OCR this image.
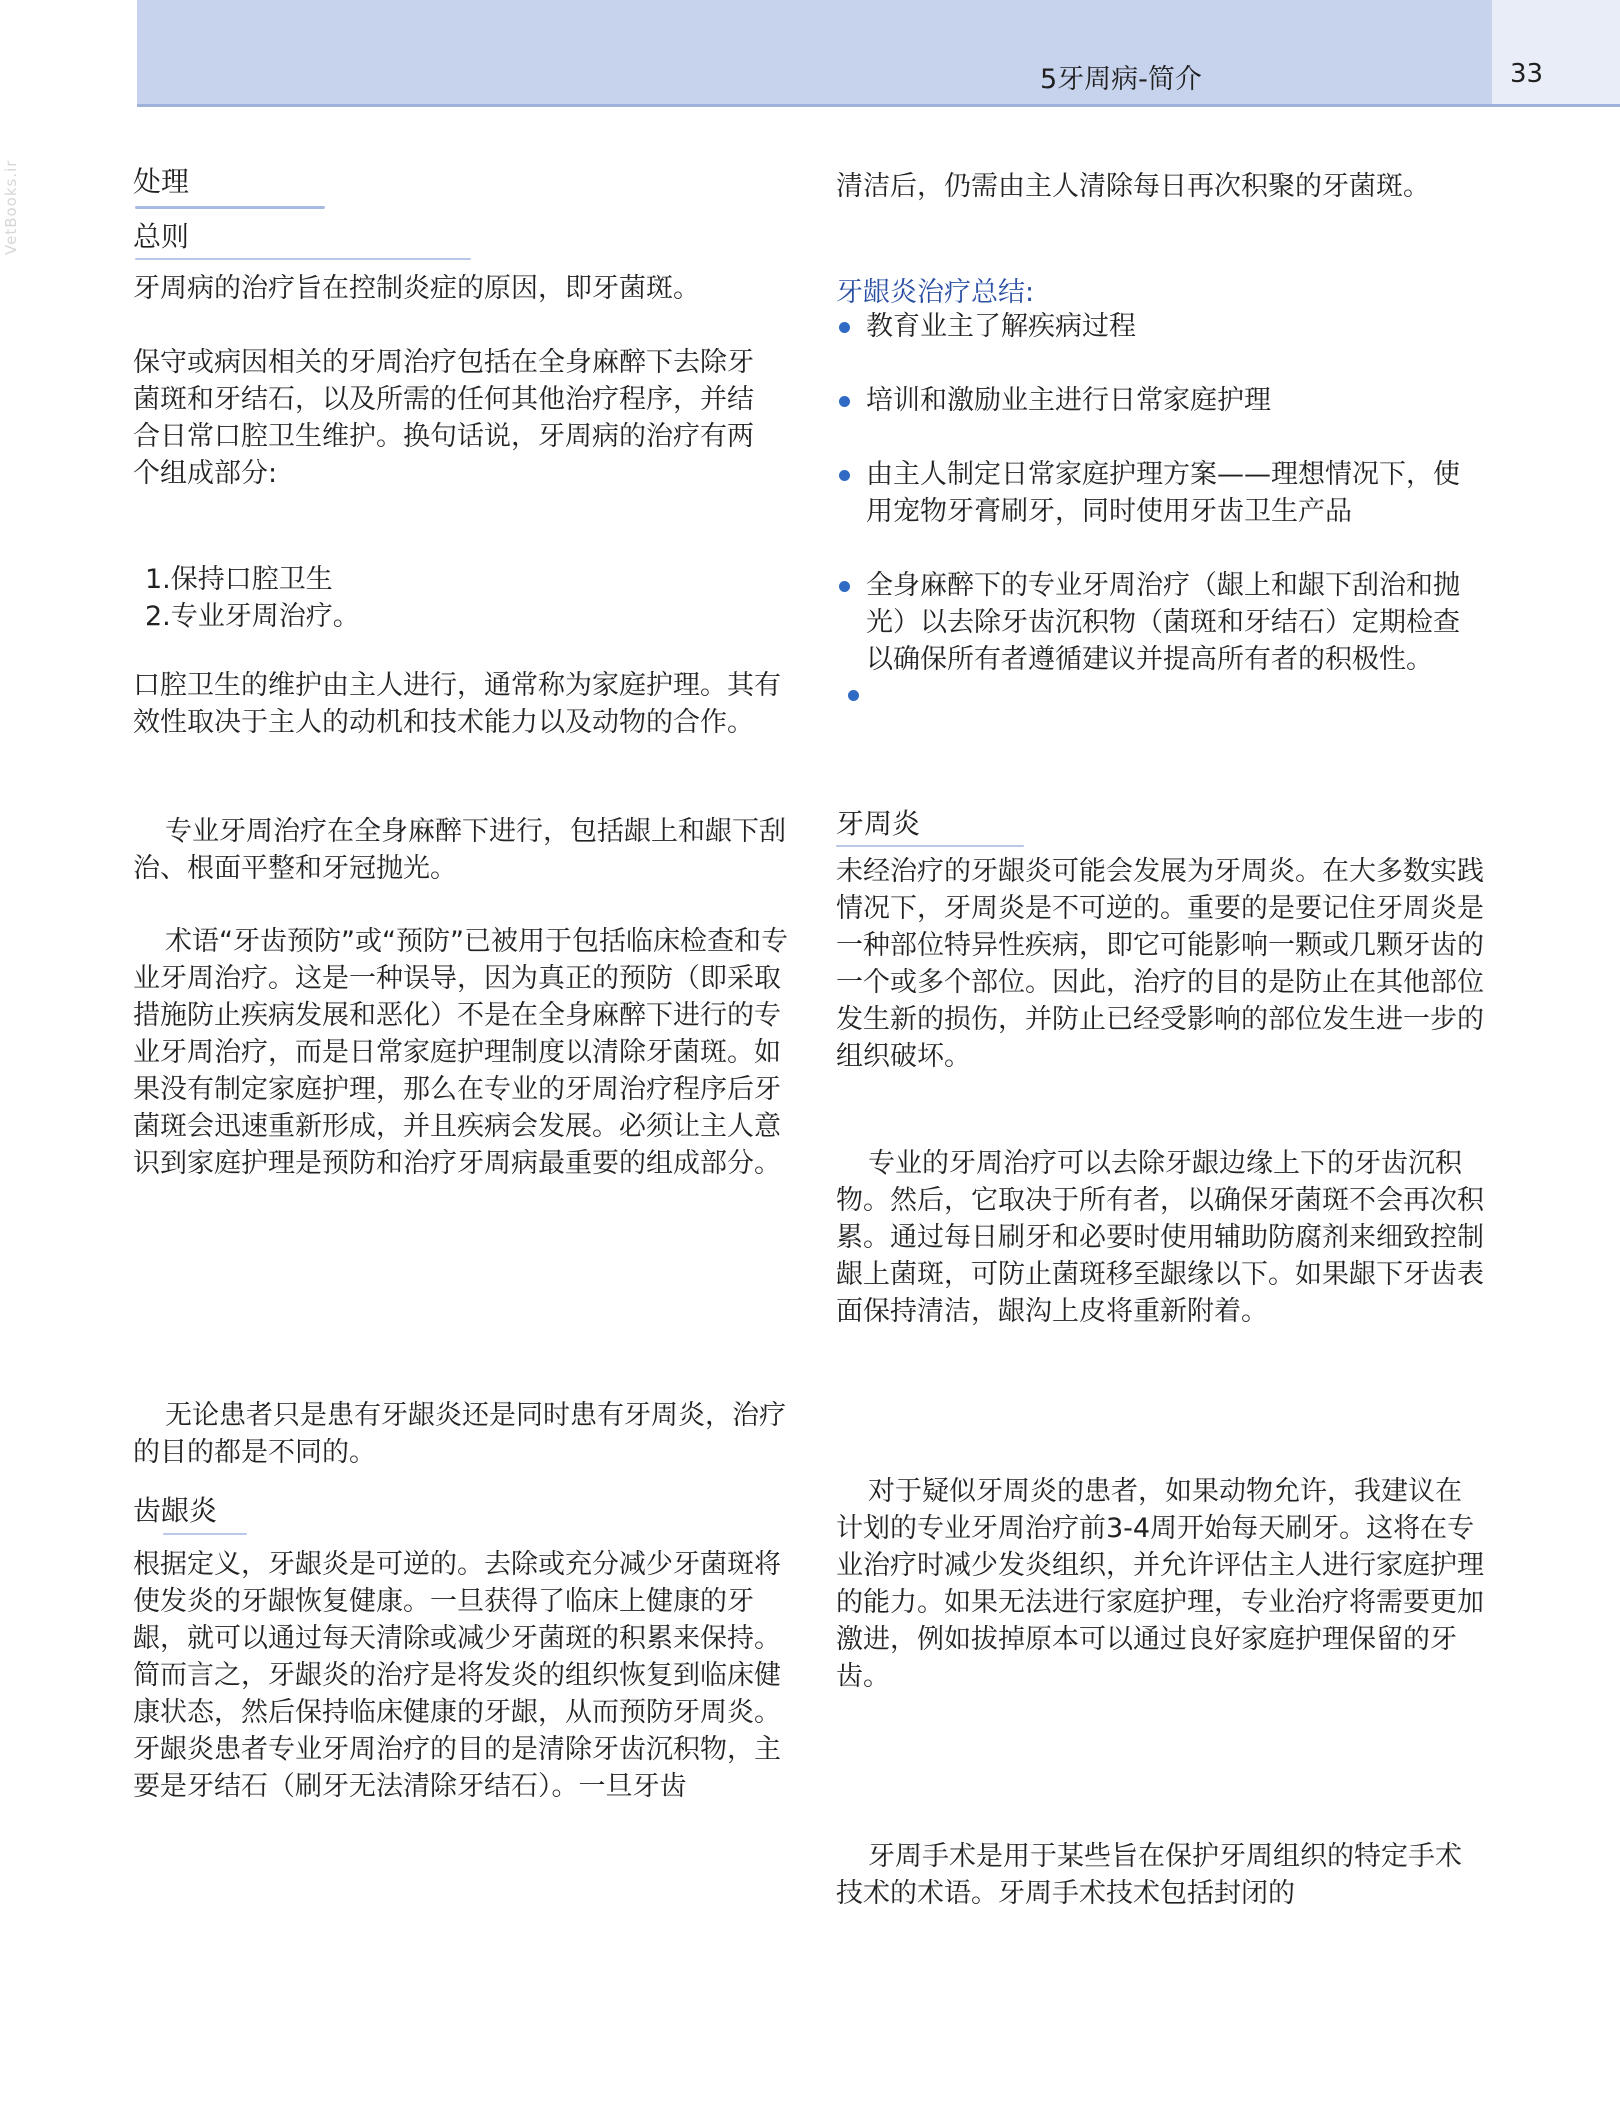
5牙周病-简介	33
VetBooks.ir	处理
总则

牙周病的治疗旨在控制炎症的原因，即牙菌斑。

保守或病因相关的牙周治疗包括在全身麻醉下去除牙菌斑和牙结石，以及所需的任何其他治疗程序，并结合日常口腔卫生维护。换句话说，牙周病的治疗有两个组成部分:

1.保持口腔卫生
2.专业牙周治疗。

口腔卫生的维护由主人进行，通常称为家庭护理。其有效性取决于主人的动机和技术能力以及动物的合作。

专业牙周治疗在全身麻醉下进行，包括龈上和龈下刮治、根面平整和牙冠抛光。

术语“牙齿预防”或“预防”已被用于包括临床检查和专业牙周治疗。这是一种误导，因为真正的预防（即采取措施防止疾病发展和恶化）不是在全身麻醉下进行的专业牙周治疗，而是日常家庭护理制度以清除牙菌斑。如果没有制定家庭护理，那么在专业的牙周治疗程序后牙菌斑会迅速重新形成，并且疾病会发展。必须让主人意识到家庭护理是预防和治疗牙周病最重要的组成部分。

无论患者只是患有牙龈炎还是同时患有牙周炎，治疗的目的都是不同的。

齿龈炎

根据定义，牙龈炎是可逆的。去除或充分减少牙菌斑将使发炎的牙龈恢复健康。一旦获得了临床上健康的牙龈，就可以通过每天清除或减少牙菌斑的积累来保持。简而言之，牙龈炎的治疗是将发炎的组织恢复到临床健康状态，然后保持临床健康的牙龈，从而预防牙周炎。牙龈炎患者专业牙周治疗的目的是清除牙齿沉积物，主要是牙结石（刷牙无法清除牙结石）。一旦牙齿

清洁后，仍需由主人清除每日再次积聚的牙菌斑。

牙龈炎治疗总结:
教育业主了解疾病过程
培训和激励业主进行日常家庭护理
由主人制定日常家庭护理方案——理想情况下，使用宠物牙膏刷牙，同时使用牙齿卫生产品
全身麻醉下的专业牙周治疗（龈上和龈下刮治和抛光）以去除牙齿沉积物（菌斑和牙结石）定期检查以确保所有者遵循建议并提高所有者的积极性。
牙周炎

未经治疗的牙龈炎可能会发展为牙周炎。在大多数实践情况下，牙周炎是不可逆的。重要的是要记住牙周炎是一种部位特异性疾病，即它可能影响一颗或几颗牙齿的一个或多个部位。因此，治疗的目的是防止在其他部位发生新的损伤，并防止已经受影响的部位发生进一步的组织破坏。

专业的牙周治疗可以去除牙龈边缘上下的牙齿沉积物。然后，它取决于所有者，以确保牙菌斑不会再次积累。通过每日刷牙和必要时使用辅助防腐剂来细致控制龈上菌斑，可防止菌斑移至龈缘以下。如果龈下牙齿表面保持清洁，龈沟上皮将重新附着。

对于疑似牙周炎的患者，如果动物允许，我建议在计划的专业牙周治疗前3-4周开始每天刷牙。这将在专业治疗时减少发炎组织，并允许评估主人进行家庭护理的能力。如果无法进行家庭护理，专业治疗将需要更加激进，例如拔掉原本可以通过良好家庭护理保留的牙齿。

牙周手术是用于某些旨在保护牙周组织的特定手术技术的术语。牙周手术技术包括封闭的
